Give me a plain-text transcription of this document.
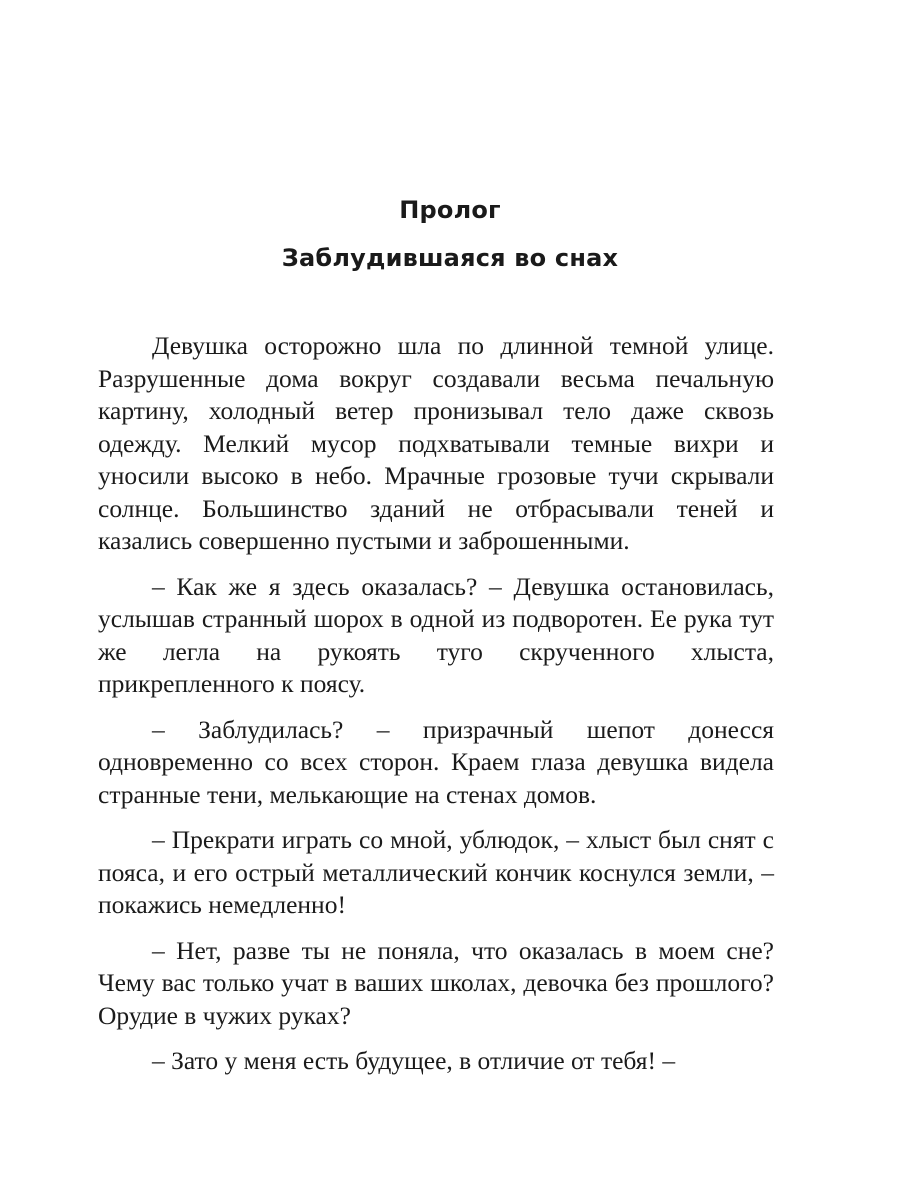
Пролог
Заблудившаяся во снах

Девушка осторожно шла по длинной темной улице. Разрушенные дома вокруг создавали весьма печальную картину, холодный ветер пронизывал тело даже сквозь одежду. Мелкий мусор подхватывали темные вихри и уносили высоко в небо. Мрачные грозовые тучи скрывали солнце. Большинство зданий не отбрасывали теней и казались совершенно пустыми и заброшенными.

– Как же я здесь оказалась? – Девушка остановилась, услышав странный шорох в одной из подворотен. Ее рука тут же легла на рукоять туго скрученного хлыста, прикрепленного к поясу.

– Заблудилась? – призрачный шепот донесся одновременно со всех сторон. Краем глаза девушка видела странные тени, мелькающие на стенах домов.

– Прекрати играть со мной, ублюдок, – хлыст был снят с пояса, и его острый металлический кончик коснулся земли, – покажись немедленно!

– Нет, разве ты не поняла, что оказалась в моем сне? Чему вас только учат в ваших школах, девочка без прошлого? Орудие в чужих руках?

– Зато у меня есть будущее, в отличие от тебя! –
